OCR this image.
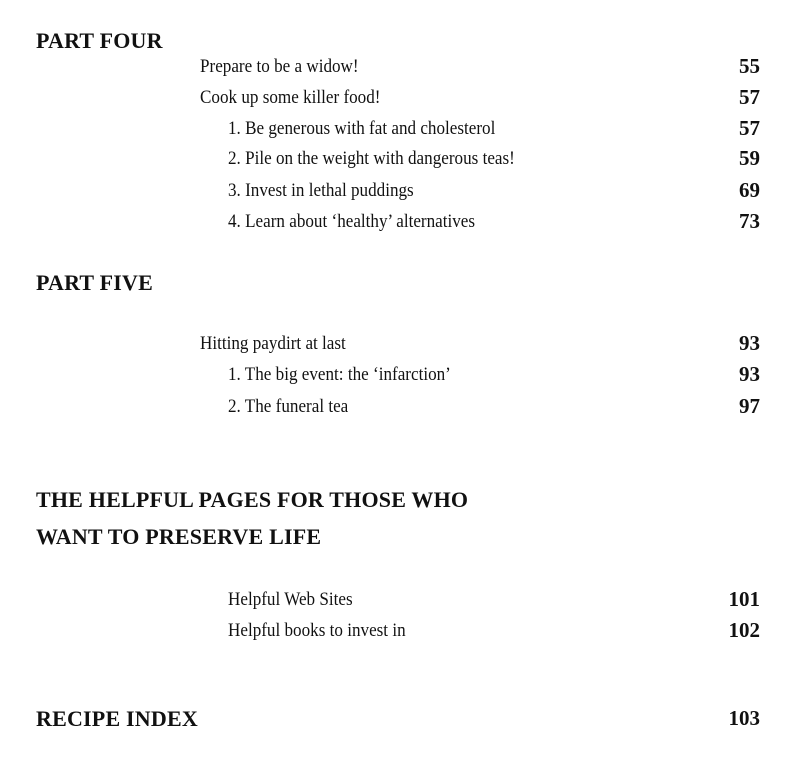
PART FOUR
Prepare to be a widow!	55
Cook up some killer food!	57
1. Be generous with fat and cholesterol	57
2. Pile on the weight with dangerous teas!	59
3. Invest in lethal puddings	69
4. Learn about ‘healthy’ alternatives	73
PART FIVE
Hitting paydirt at last	93
1. The big event: the ‘infarction’	93
2. The funeral tea	97
THE HELPFUL PAGES FOR THOSE WHO
WANT TO PRESERVE LIFE
Helpful Web Sites	101
Helpful books to invest in	102
RECIPE INDEX	103
